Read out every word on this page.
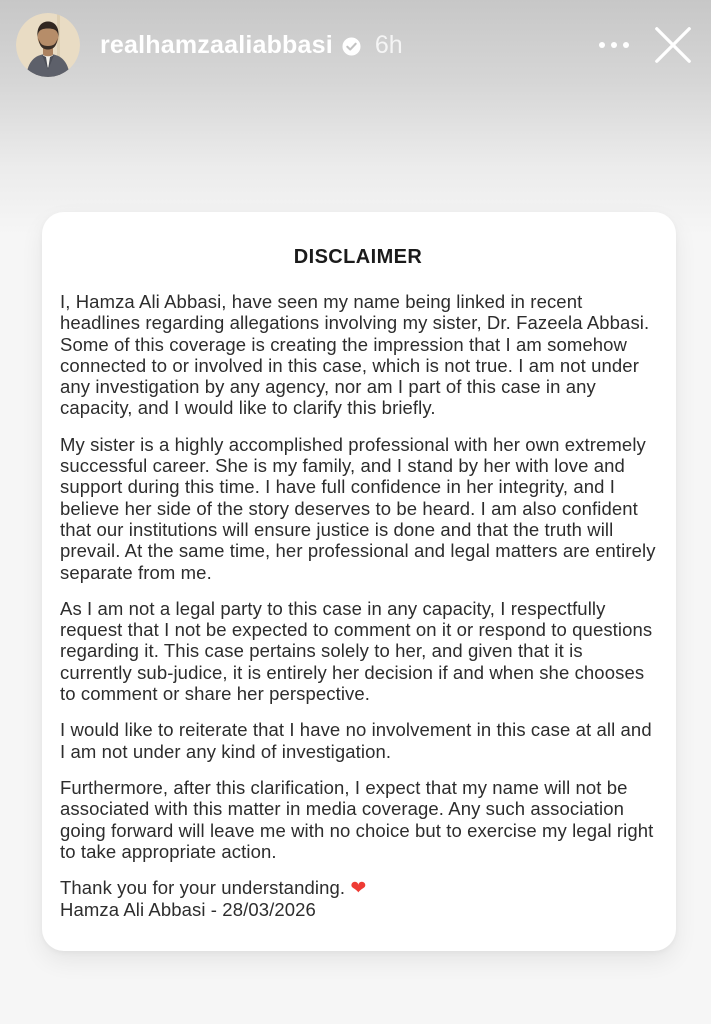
realhamzaaliabbasi 6h
DISCLAIMER

I, Hamza Ali Abbasi, have seen my name being linked in recent headlines regarding allegations involving my sister, Dr. Fazeela Abbasi. Some of this coverage is creating the impression that I am somehow connected to or involved in this case, which is not true. I am not under any investigation by any agency, nor am I part of this case in any capacity, and I would like to clarify this briefly.

My sister is a highly accomplished professional with her own extremely successful career. She is my family, and I stand by her with love and support during this time. I have full confidence in her integrity, and I believe her side of the story deserves to be heard. I am also confident that our institutions will ensure justice is done and that the truth will prevail. At the same time, her professional and legal matters are entirely separate from me.

As I am not a legal party to this case in any capacity, I respectfully request that I not be expected to comment on it or respond to questions regarding it. This case pertains solely to her, and given that it is currently sub-judice, it is entirely her decision if and when she chooses to comment or share her perspective.

I would like to reiterate that I have no involvement in this case at all and I am not under any kind of investigation.

Furthermore, after this clarification, I expect that my name will not be associated with this matter in media coverage. Any such association going forward will leave me with no choice but to exercise my legal right to take appropriate action.

Thank you for your understanding. ❤
Hamza Ali Abbasi - 28/03/2026
